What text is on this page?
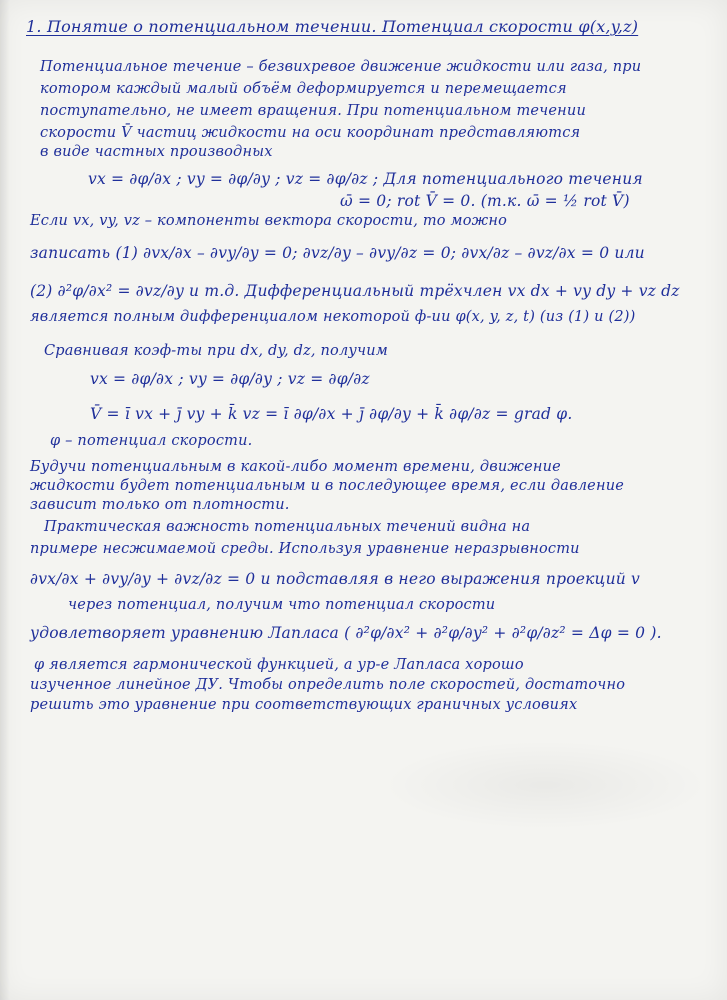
1. Понятие о потенциальном течении. Потенциал скорости φ(x,y,z)

Потенциальное течение – безвихревое движение жидкости или газа, при

котором каждый малый объём деформируется и перемещается

поступательно, не имеет вращения. При потенциальном течении

скорости V̄ частиц жидкости на оси координат представляются

в виде частных производных

vx = ∂φ/∂x ; vy = ∂φ/∂y ; vz = ∂φ/∂z ; Для потенциального течения

ω̄ = 0; rot V̄ = 0. (т.к. ω̄ = ½ rot V̄)

Если vx, vy, vz – компоненты вектора скорости, то можно

записать (1) ∂vx/∂x – ∂vy/∂y = 0; ∂vz/∂y – ∂vy/∂z = 0; ∂vx/∂z – ∂vz/∂x = 0 или

(2) ∂²φ/∂x² = ∂vz/∂y и т.д. Дифференциальный трёхчлен vx dx + vy dy + vz dz

является полным дифференциалом некоторой ф-ии φ(x, y, z, t) (из (1) и (2))

Сравнивая коэф-ты при dx, dy, dz, получим

vx = ∂φ/∂x ; vy = ∂φ/∂y ; vz = ∂φ/∂z

V̄ = ī vx + j̄ vy + k̄ vz = ī ∂φ/∂x + j̄ ∂φ/∂y + k̄ ∂φ/∂z = grad φ.

φ – потенциал скорости.

Будучи потенциальным в какой-либо момент времени, движение

жидкости будет потенциальным и в последующее время, если давление

зависит только от плотности.

Практическая важность потенциальных течений видна на

примере несжимаемой среды. Используя уравнение неразрывности

∂vx/∂x + ∂vy/∂y + ∂vz/∂z = 0 и подставляя в него выражения проекций v

через потенциал, получим что потенциал скорости

удовлетворяет уравнению Лапласа ( ∂²φ/∂x² + ∂²φ/∂y² + ∂²φ/∂z² = Δφ = 0 ).

φ является гармонической функцией, а ур-е Лапласа хорошо

изученное линейное ДУ. Чтобы определить поле скоростей, достаточно

решить это уравнение при соответствующих граничных условиях
